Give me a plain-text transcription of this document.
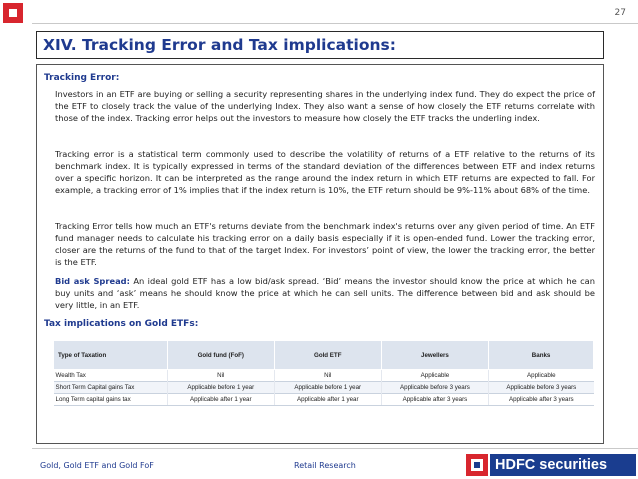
27
XIV. Tracking Error and Tax implications:
Tracking Error:

Investors in an ETF are buying or selling a security representing shares in the underlying index fund. They do expect the price of the ETF to closely track the value of the underlying Index. They also want a sense of how closely the ETF returns correlate with those of the index. Tracking error helps out the investors to measure how closely the ETF tracks the underling index.

Tracking error is a statistical term commonly used to describe the volatility of returns of a ETF relative to the returns of its benchmark index. It is typically expressed in terms of the standard deviation of the differences between ETF and index returns over a specific horizon. It can be interpreted as the range around the index return in which ETF returns are expected to fall. For example, a tracking error of 1% implies that if the index return is 10%, the ETF return should be 9%-11% about 68% of the time.

Tracking Error tells how much an ETF's returns deviate from the benchmark index's returns over any given period of time. An ETF fund manager needs to calculate his tracking error on a daily basis especially if it is open-ended fund. Lower the tracking error, closer are the returns of the fund to that of the target Index. For investors’ point of view, the lower the tracking error, the better is the ETF.

Bid ask Spread: An ideal gold ETF has a low bid/ask spread. ‘Bid’ means the investor should know the price at which he can buy units and ‘ask’ means he should know the price at which he can sell units. The difference between bid and ask should be very little, in an ETF.

Tax implications on Gold ETFs:
Type of Taxation	Gold fund (FoF)	Gold ETF	Jewellers	Banks
Wealth Tax	Nil	Nil	Applicable	Applicable
Short Term Capital gains Tax	Applicable before 1 year	Applicable before 1 year	Applicable before 3 years	Applicable before 3 years
Long Term capital gains tax	Applicable after 1 year	Applicable after 1 year	Applicable after 3 years	Applicable after 3 years
Gold, Gold ETF and Gold FoF	Retail Research	HDFC securities
